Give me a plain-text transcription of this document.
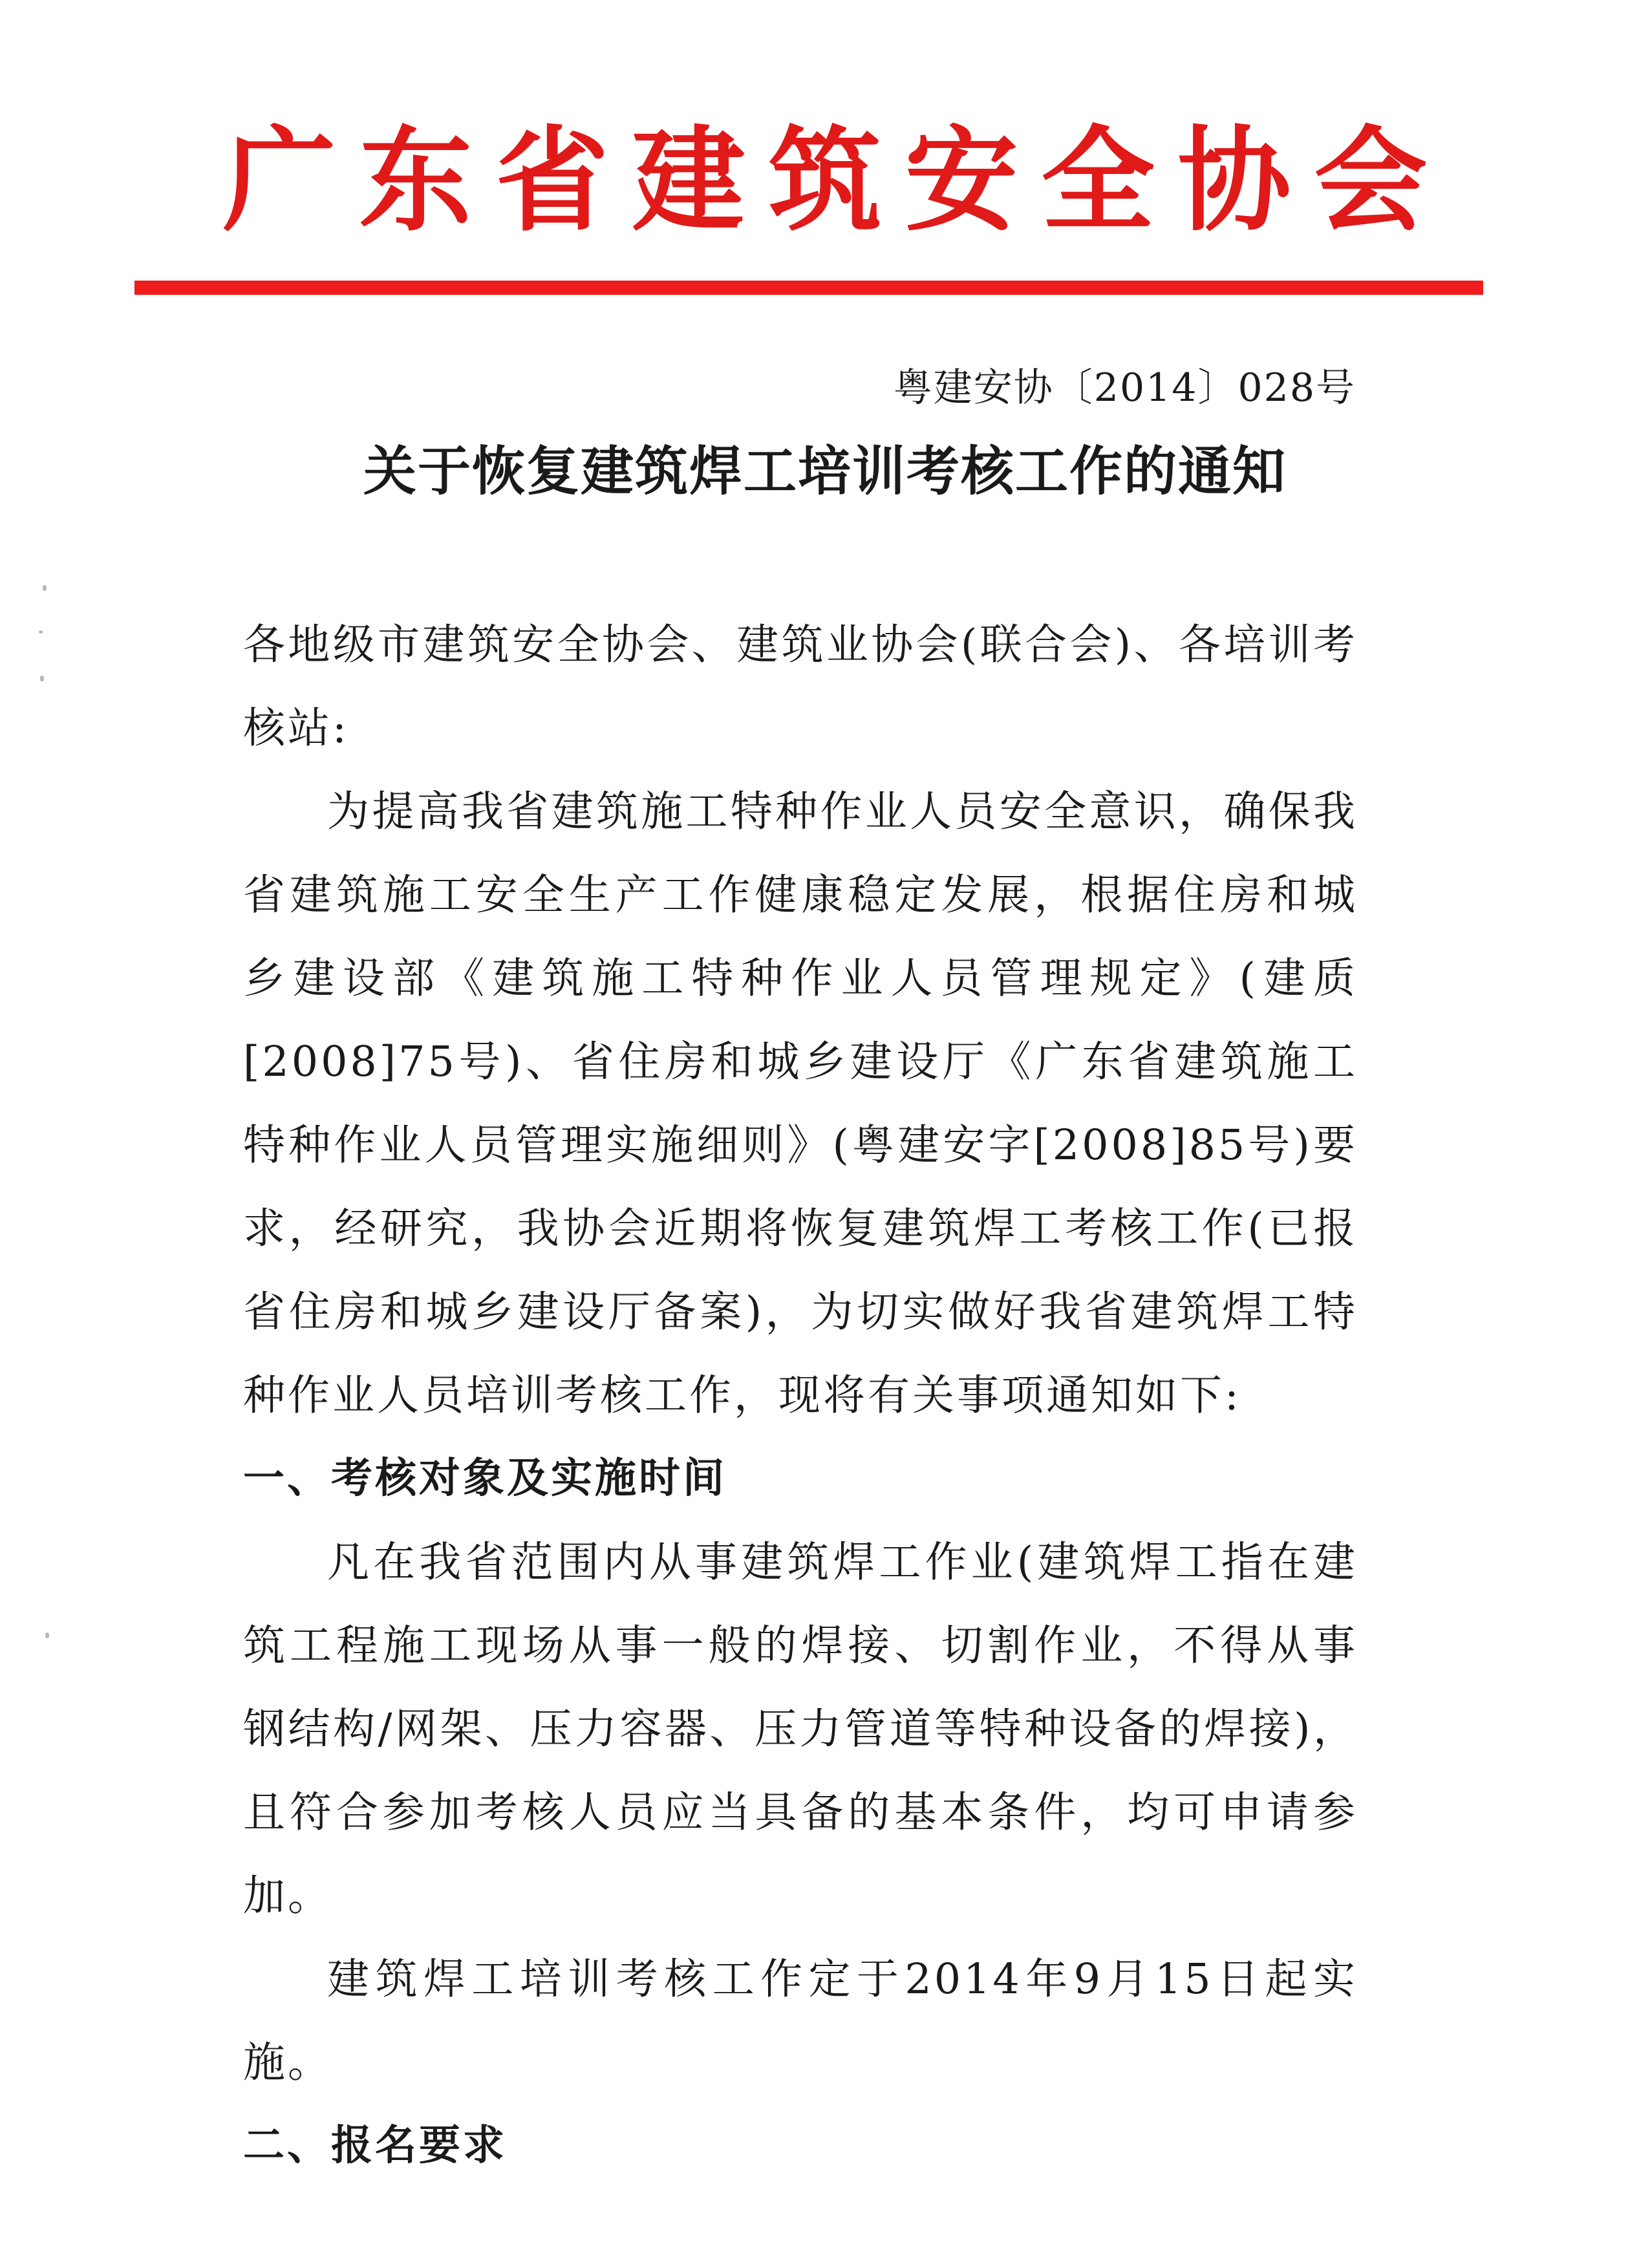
广东省建筑安全协会
粤建安协〔2014〕028号
关于恢复建筑焊工培训考核工作的通知

各地级市建筑安全协会、建筑业协会(联合会)、各培训考核站:

为提高我省建筑施工特种作业人员安全意识，确保我省建筑施工安全生产工作健康稳定发展，根据住房和城乡建设部《建筑施工特种作业人员管理规定》(建质[2008]75号)、省住房和城乡建设厅《广东省建筑施工特种作业人员管理实施细则》(粤建安字[2008]85号)要求，经研究，我协会近期将恢复建筑焊工考核工作(已报省住房和城乡建设厅备案)，为切实做好我省建筑焊工特种作业人员培训考核工作，现将有关事项通知如下:

一、考核对象及实施时间

凡在我省范围内从事建筑焊工作业(建筑焊工指在建筑工程施工现场从事一般的焊接、切割作业，不得从事钢结构/网架、压力容器、压力管道等特种设备的焊接)，且符合参加考核人员应当具备的基本条件，均可申请参加。

建筑焊工培训考核工作定于2014年9月15日起实施。

二、报名要求
